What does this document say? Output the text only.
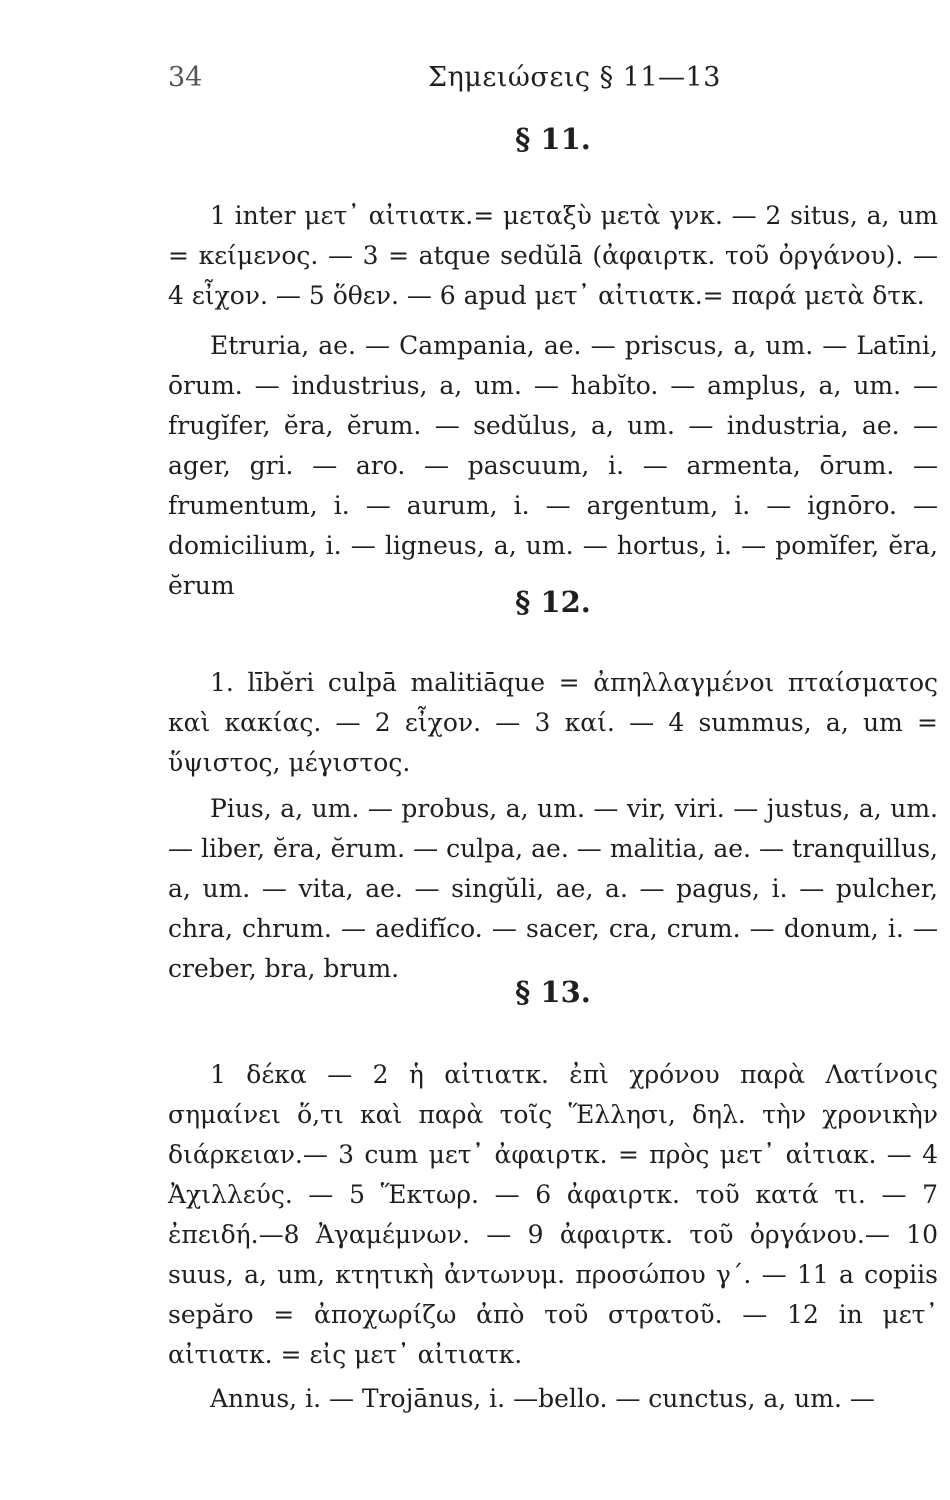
34	Σημειώσεις § 11—13
§ 11.

1 inter μετ᾽ αἰτιατκ.= μεταξὺ μετὰ γνκ. — 2 situs, a, um = κείμενος. — 3 = atque sedŭlā (ἀφαιρτκ. τοῦ ὀργάνου). — 4 εἶχον. — 5 ὅθεν. — 6 apud μετ᾽ αἰτιατκ.= παρά μετὰ δτκ.

Etruria, ae. — Campania, ae. — priscus, a, um. — Latīni, ōrum. — industrius, a, um. — habĭto. — amplus, a, um. — frugĭfer, ĕra, ĕrum. — sedŭlus, a, um. — industria, ae. — ager, gri. — aro. — pascuum, i. — armenta, ōrum. — frumentum, i. — aurum, i. — argentum, i. — ignōro. — domicilium, i. — ligneus, a, um. — hortus, i. — pomĭfer, ĕra, ĕrum	§ 12.

1. lībĕri culpā malitiāque = ἀπηλλαγμένοι πταίσματος καὶ κακίας. — 2 εἶχον. — 3 καί. — 4 summus, a, um = ὕψιστος, μέγιστος.

Pius, a, um. — probus, a, um. — vir, viri. — justus, a, um. — liber, ĕra, ĕrum. — culpa, ae. — malitia, ae. — tranquillus, a, um. — vita, ae. — singŭli, ae, a. — pagus, i. — pulcher, chra, chrum. — aedifĭco. — sacer, cra, crum. — donum, i. — creber, bra, brum.

§ 13.

1 δέκα — 2 ἡ αἰτιατκ. ἐπὶ χρόνου παρὰ Λατίνοις σημαίνει ὅ,τι καὶ παρὰ τοῖς Ἕλλησι, δηλ. τὴν χρονικὴν διάρκειαν.— 3 cum μετ᾽ ἀφαιρτκ. = πρὸς μετ᾽ αἰτιακ. — 4 Ἀχιλλεύς. — 5 Ἕκτωρ. — 6 ἀφαιρτκ. τοῦ κατά τι. — 7 ἐπειδή.—8 Ἀγαμέμνων. — 9 ἀφαιρτκ. τοῦ ὀργάνου.— 10 suus, a, um, κτητικὴ ἀντωνυμ. προσώπου γ´. — 11 a copiis sepăro = ἀποχωρίζω ἀπὸ τοῦ στρατοῦ. — 12 in μετ᾽ αἰτιατκ. = εἰς μετ᾽ αἰτιατκ.

Annus, i. — Trojānus, i. —bello. — cunctus, a, um. —
